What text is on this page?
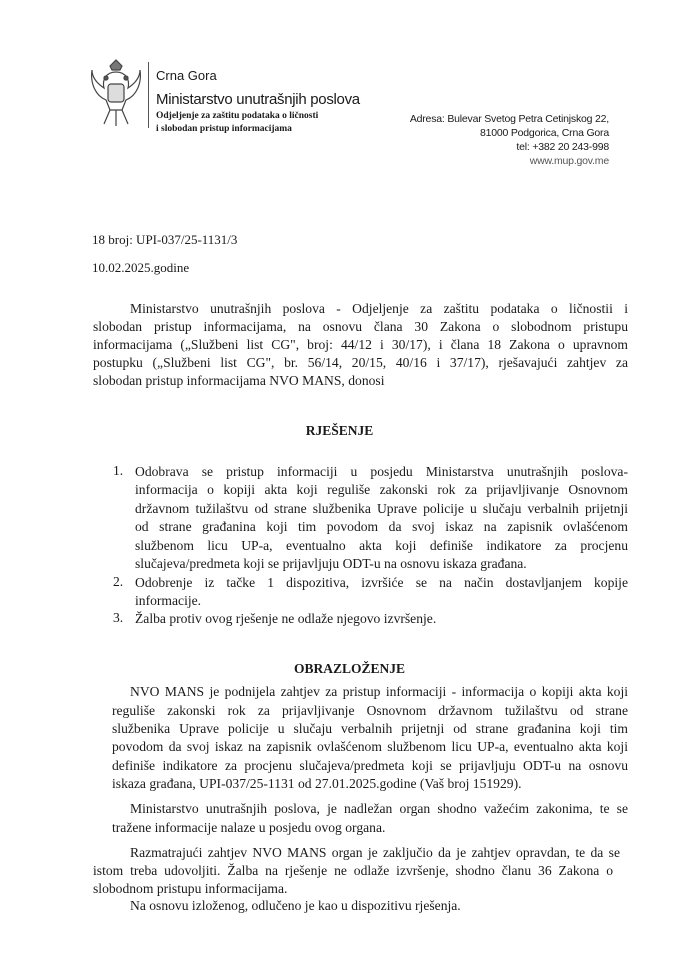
Crna Gora
Ministarstvo unutrašnjih poslova
Odjeljenje za zaštitu podataka o ličnosti
i slobodan pristup informacijama
Adresa: Bulevar Svetog Petra Cetinjskog 22,
81000 Podgorica, Crna Gora
tel: +382 20 243-998
www.mup.gov.me
18 broj: UPI-037/25-1131/3
10.02.2025.godine
Ministarstvo unutrašnjih poslova - Odjeljenje za zaštitu podataka o ličnostii i
slobodan pristup informacijama, na osnovu člana 30 Zakona o slobodnom pristupu
informacijama („Službeni list CG", broj: 44/12 i 30/17), i člana 18 Zakona o upravnom
postupku („Službeni list CG", br. 56/14, 20/15, 40/16 i 37/17), rješavajući zahtjev za
slobodan pristup informacijama NVO MANS, donosi
RJEŠENJE
1. Odobrava se pristup informaciji u posjedu Ministarstva unutrašnjih poslova-
informacija o kopiji akta koji reguliše zakonski rok za prijavljivanje Osnovnom
državnom tužilaštvu od strane službenika Uprave policije u slučaju verbalnih prijetnji
od strane građanina koji tim povodom da svoj iskaz na zapisnik ovlašćenom
službenom licu UP-a, eventualno akta koji definiše indikatore za procjenu
slučajeva/predmeta koji se prijavljuju ODT-u na osnovu iskaza građana.
2. Odobrenje iz tačke 1 dispozitiva, izvršiće se na način dostavljanjem kopije
informacije.
3. Žalba protiv ovog rješenje ne odlaže njegovo izvršenje.
OBRAZLOŽENJE
NVO MANS je podnijela zahtjev za pristup informaciji - informacija o kopiji akta koji
reguliše zakonski rok za prijavljivanje Osnovnom državnom tužilaštvu od strane
službenika Uprave policije u slučaju verbalnih prijetnji od strane građanina koji tim
povodom da svoj iskaz na zapisnik ovlašćenom službenom licu UP-a, eventualno akta koji
definiše indikatore za procjenu slučajeva/predmeta koji se prijavljuju ODT-u na osnovu
iskaza građana, UPI-037/25-1131 od 27.01.2025.godine (Vaš broj 151929).
Ministarstvo unutrašnjih poslova, je nadležan organ shodno važećim zakonima, te se
tražene informacije nalaze u posjedu ovog organa.
Razmatrajući zahtjev NVO MANS organ je zaključio da je zahtjev opravdan, te da se
istom treba udovoljiti. Žalba na rješenje ne odlaže izvršenje, shodno članu 36 Zakona o
slobodnom pristupu informacijama.
Na osnovu izloženog, odlučeno je kao u dispozitivu rješenja.
